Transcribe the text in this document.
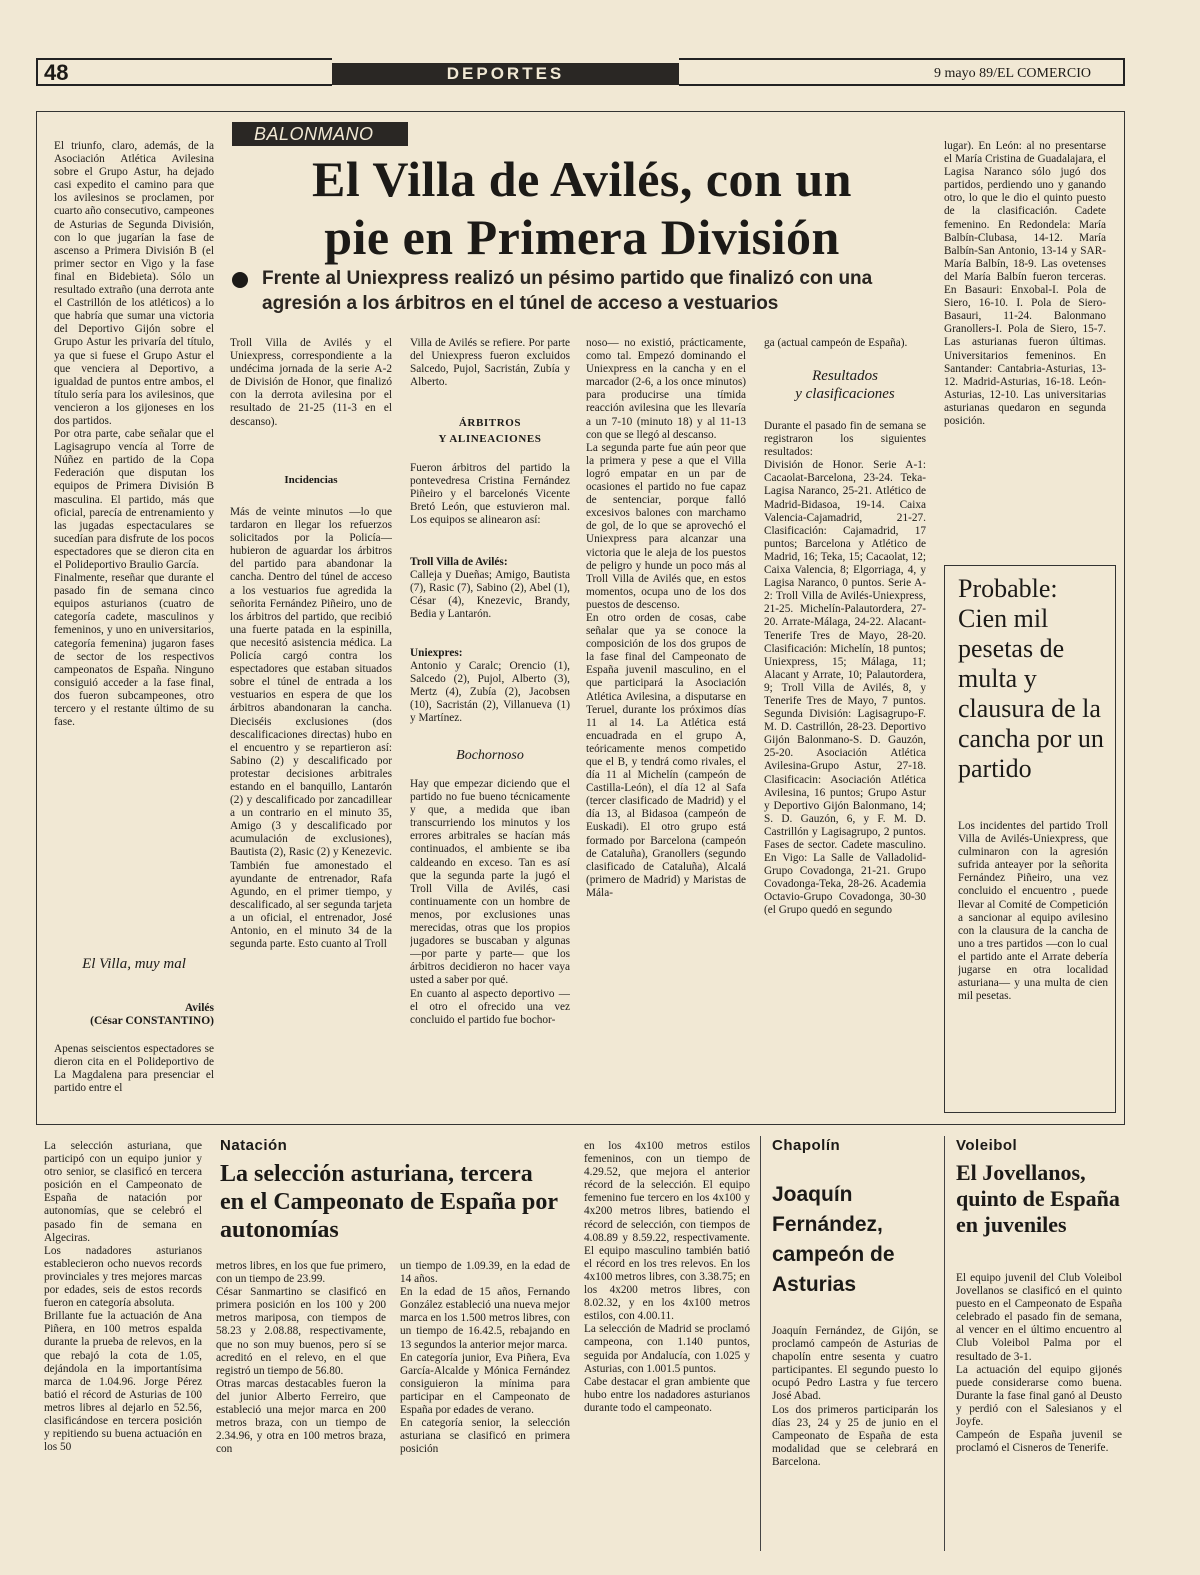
48	DEPORTES	9 mayo 89/EL COMERCIO
BALONMANO
El Villa de Avilés, con un
pie en Primera División
Frente al Uniexpress realizó un pésimo partido que finalizó con una agresión a los árbitros en el túnel de acceso a vestuarios
El triunfo, claro, además, de la Asociación Atlética Avilesina sobre el Grupo Astur, ha dejado casi expedito el camino para que los avilesinos se proclamen, por cuarto año consecutivo, campeones de Asturias de Segunda División, con lo que jugarían la fase de ascenso a Primera División B (el primer sector en Vigo y la fase final en Bidebieta). Sólo un resultado extraño (una derrota ante el Castrillón de los atléticos) a lo que habría que sumar una victoria del Deportivo Gijón sobre el Grupo Astur les privaría del título, ya que si fuese el Grupo Astur el que venciera al Deportivo, a igualdad de puntos entre ambos, el título sería para los avilesinos, que vencieron a los gijoneses en los dos partidos.
Por otra parte, cabe señalar que el Lagisagrupo vencía al Torre de Núñez en partido de la Copa Federación que disputan los equipos de Primera División B masculina. El partido, más que oficial, parecía de entrenamiento y las jugadas espectaculares se sucedían para disfrute de los pocos espectadores que se dieron cita en el Polideportivo Braulio García.
Finalmente, reseñar que durante el pasado fin de semana cinco equipos asturianos (cuatro de categoría cadete, masculinos y femeninos, y uno en universitarios, categoría femenina) jugaron fases de sector de los respectivos campeonatos de España. Ninguno consiguió acceder a la fase final, dos fueron subcampeones, otro tercero y el restante último de su fase.
El Villa, muy mal
Avilés
(César CONSTANTINO)
Apenas seiscientos espectadores se dieron cita en el Polideportivo de La Magdalena para presenciar el partido entre el
Troll Villa de Avilés y el Uniexpress, correspondiente a la undécima jornada de la serie A-2 de División de Honor, que finalizó con la derrota avilesina por el resultado de 21-25 (11-3 en el descanso).
Incidencias
Más de veinte minutos —lo que tardaron en llegar los refuerzos solicitados por la Policía— hubieron de aguardar los árbitros del partido para abandonar la cancha. Dentro del túnel de acceso a los vestuarios fue agredida la señorita Fernández Piñeiro, uno de los árbitros del partido, que recibió una fuerte patada en la espinilla, que necesitó asistencia médica. La Policía cargó contra los espectadores que estaban situados sobre el túnel de entrada a los vestuarios en espera de que los árbitros abandonaran la cancha. Dieciséis exclusiones (dos descalificaciones directas) hubo en el encuentro y se repartieron así: Sabino (2) y descalificado por protestar decisiones arbitrales estando en el banquillo, Lantarón (2) y descalificado por zancadillear a un contrario en el minuto 35, Amigo (3 y descalificado por acumulación de exclusiones), Bautista (2), Rasic (2) y Kenezevic. También fue amonestado el ayundante de entrenador, Rafa Agundo, en el primer tiempo, y descalificado, al ser segunda tarjeta a un oficial, el entrenador, José Antonio, en el minuto 34 de la segunda parte. Esto cuanto al Troll
Villa de Avilés se refiere. Por parte del Uniexpress fueron excluidos Salcedo, Pujol, Sacristán, Zubía y Alberto.
ÁRBITROS
Y ALINEACIONES
Fueron árbitros del partido la pontevedresa Cristina Fernández Piñeiro y el barcelonés Vicente Bretó León, que estuvieron mal. Los equipos se alinearon así:
Troll Villa de Avilés:
Calleja y Dueñas; Amigo, Bautista (7), Rasic (7), Sabino (2), Abel (1), César (4), Knezevic, Brandy, Bedia y Lantarón.
Uniexpres:
Antonio y Caralc; Orencio (1), Salcedo (2), Pujol, Alberto (3), Mertz (4), Zubía (2), Jacobsen (10), Sacristán (2), Villanueva (1) y Martínez.
Bochornoso
Hay que empezar diciendo que el partido no fue bueno técnicamente y que, a medida que iban transcurriendo los minutos y los errores arbitrales se hacían más continuados, el ambiente se iba caldeando en exceso. Tan es así que la segunda parte la jugó el Troll Villa de Avilés, casi continuamente con un hombre de menos, por exclusiones unas merecidas, otras que los propios jugadores se buscaban y algunas —por parte y parte— que los árbitros decidieron no hacer vaya usted a saber por qué.
En cuanto al aspecto deportivo —el otro el ofrecido una vez concluido el partido fue bochor-
noso— no existió, prácticamente, como tal. Empezó dominando el Uniexpress en la cancha y en el marcador (2-6, a los once minutos) para producirse una tímida reacción avilesina que les llevaría a un 7-10 (minuto 18) y al 11-13 con que se llegó al descanso.
La segunda parte fue aún peor que la primera y pese a que el Villa logró empatar en un par de ocasiones el partido no fue capaz de sentenciar, porque falló excesivos balones con marchamo de gol, de lo que se aprovechó el Uniexpress para alcanzar una victoria que le aleja de los puestos de peligro y hunde un poco más al Troll Villa de Avilés que, en estos momentos, ocupa uno de los dos puestos de descenso.
En otro orden de cosas, cabe señalar que ya se conoce la composición de los dos grupos de la fase final del Campeonato de España juvenil masculino, en el que participará la Asociación Atlética Avilesina, a disputarse en Teruel, durante los próximos días 11 al 14. La Atlética está encuadrada en el grupo A, teóricamente menos competido que el B, y tendrá como rivales, el día 11 al Michelín (campeón de Castilla-León), el día 12 al Safa (tercer clasificado de Madrid) y el día 13, al Bidasoa (campeón de Euskadi). El otro grupo está formado por Barcelona (campeón de Cataluña), Granollers (segundo clasificado de Cataluña), Alcalá (primero de Madrid) y Maristas de Mála-
ga (actual campeón de España).
Resultados
y clasificaciones
Durante el pasado fin de semana se registraron los siguientes resultados:
División de Honor. Serie A-1: Cacaolat-Barcelona, 23-24. Teka-Lagisa Naranco, 25-21. Atlético de Madrid-Bidasoa, 19-14. Caixa Valencia-Cajamadrid, 21-27. Clasificación: Cajamadrid, 17 puntos; Barcelona y Atlético de Madrid, 16; Teka, 15; Cacaolat, 12; Caixa Valencia, 8; Elgorriaga, 4, y Lagisa Naranco, 0 puntos. Serie A-2: Troll Villa de Avilés-Uniexpress, 21-25. Michelín-Palautordera, 27-20. Arrate-Málaga, 24-22. Alacant-Tenerife Tres de Mayo, 28-20. Clasificación: Michelín, 18 puntos; Uniexpress, 15; Málaga, 11; Alacant y Arrate, 10; Palautordera, 9; Troll Villa de Avilés, 8, y Tenerife Tres de Mayo, 7 puntos. Segunda División: Lagisagrupo-F. M. D. Castrillón, 28-23. Deportivo Gijón Balonmano-S. D. Gauzón, 25-20. Asociación Atlética Avilesina-Grupo Astur, 27-18. Clasificacin: Asociación Atlética Avilesina, 16 puntos; Grupo Astur y Deportivo Gijón Balonmano, 14; S. D. Gauzón, 6, y F. M. D. Castrillón y Lagisagrupo, 2 puntos. Fases de sector. Cadete masculino. En Vigo: La Salle de Valladolid-Grupo Covadonga, 21-21. Grupo Covadonga-Teka, 28-26. Academia Octavio-Grupo Covadonga, 30-30 (el Grupo quedó en segundo
lugar). En León: al no presentarse el María Cristina de Guadalajara, el Lagisa Naranco sólo jugó dos partidos, perdiendo uno y ganando otro, lo que le dio el quinto puesto de la clasificación. Cadete femenino. En Redondela: María Balbín-Clubasa, 14-12. María Balbín-San Antonio, 13-14 y SAR-María Balbín, 18-9. Las ovetenses del María Balbín fueron terceras. En Basauri: Enxobal-I. Pola de Siero, 16-10. I. Pola de Siero-Basauri, 11-24. Balonmano Granollers-I. Pola de Siero, 15-7. Las asturianas fueron últimas. Universitarios femeninos. En Santander: Cantabria-Asturias, 13-12. Madrid-Asturias, 16-18. León-Asturias, 12-10. Las universitarias asturianas quedaron en segunda posición.
Probable: Cien mil pesetas de multa y clausura de la cancha por un partido
Los incidentes del partido Troll Villa de Avilés-Uniexpress, que culminaron con la agresión sufrida anteayer por la señorita Fernández Piñeiro, una vez concluido el encuentro , puede llevar al Comité de Competición a sancionar al equipo avilesino con la clausura de la cancha de uno a tres partidos —con lo cual el partido ante el Arrate debería jugarse en otra localidad asturiana— y una multa de cien mil pesetas.
La selección asturiana, que participó con un equipo junior y otro senior, se clasificó en tercera posición en el Campeonato de España de natación por autonomías, que se celebró el pasado fin de semana en Algeciras.
Los nadadores asturianos establecieron ocho nuevos records provinciales y tres mejores marcas por edades, seis de estos records fueron en categoría absoluta.
Brillante fue la actuación de Ana Piñera, en 100 metros espalda durante la prueba de relevos, en la que rebajó la cota de 1.05, dejándola en la importantísima marca de 1.04.96. Jorge Pérez batió el récord de Asturias de 100 metros libres al dejarlo en 52.56, clasificándose en tercera posición y repitiendo su buena actuación en los 50
Natación
La selección asturiana, tercera en el Campeonato de España por autonomías
metros libres, en los que fue primero, con un tiempo de 23.99.
César Sanmartino se clasificó en primera posición en los 100 y 200 metros mariposa, con tiempos de 58.23 y 2.08.88, respectivamente, que no son muy buenos, pero sí se acreditó en el relevo, en el que registró un tiempo de 56.80.
Otras marcas destacables fueron la del junior Alberto Ferreiro, que estableció una mejor marca en 200 metros braza, con un tiempo de 2.34.96, y otra en 100 metros braza, con
un tiempo de 1.09.39, en la edad de 14 años.
En la edad de 15 años, Fernando González estableció una nueva mejor marca en los 1.500 metros libres, con un tiempo de 16.42.5, rebajando en 13 segundos la anterior mejor marca.
En categoría junior, Eva Piñera, Eva García-Alcalde y Mónica Fernández consiguieron la mínima para participar en el Campeonato de España por edades de verano.
En categoría senior, la selección asturiana se clasificó en primera posición
en los 4x100 metros estilos femeninos, con un tiempo de 4.29.52, que mejora el anterior récord de la selección. El equipo femenino fue tercero en los 4x100 y 4x200 metros libres, batiendo el récord de selección, con tiempos de 4.08.89 y 8.59.22, respectivamente. El equipo masculino también batió el récord en los tres relevos. En los 4x100 metros libres, con 3.38.75; en los 4x200 metros libres, con 8.02.32, y en los 4x100 metros estilos, con 4.00.11.
La selección de Madrid se proclamó campeona, con 1.140 puntos, seguida por Andalucía, con 1.025 y Asturias, con 1.001.5 puntos.
Cabe destacar el gran ambiente que hubo entre los nadadores asturianos durante todo el campeonato.
Chapolín
Joaquín Fernández, campeón de Asturias
Joaquín Fernández, de Gijón, se proclamó campeón de Asturias de chapolín entre sesenta y cuatro participantes. El segundo puesto lo ocupó Pedro Lastra y fue tercero José Abad.
Los dos primeros participarán los días 23, 24 y 25 de junio en el Campeonato de España de esta modalidad que se celebrará en Barcelona.
Voleibol
El Jovellanos, quinto de España en juveniles
El equipo juvenil del Club Voleibol Jovellanos se clasificó en el quinto puesto en el Campeonato de España celebrado el pasado fin de semana, al vencer en el último encuentro al Club Voleibol Palma por el resultado de 3-1.
La actuación del equipo gijonés puede considerarse como buena. Durante la fase final ganó al Deusto y perdió con el Salesianos y el Joyfe.
Campeón de España juvenil se proclamó el Cisneros de Tenerife.
